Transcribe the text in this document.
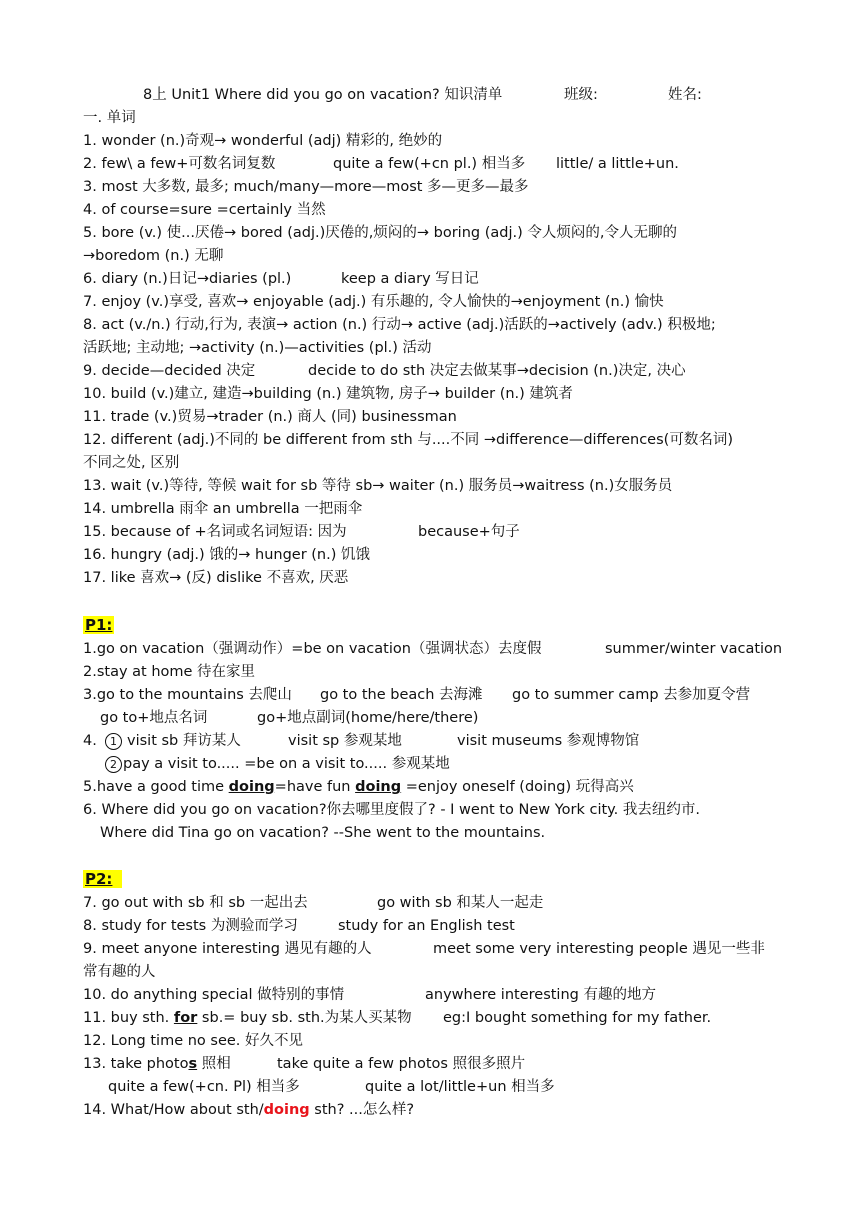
8上 Unit1 Where did you go on vacation? 知识清单	班级:	姓名:
一. 单词
1. wonder (n.)奇观→ wonderful (adj) 精彩的, 绝妙的
2. few\ a few+可数名词复数	quite a few(+cn pl.) 相当多 little/ a little+un.
3. most 大多数, 最多; much/many—more—most 多—更多—最多
4. of course=sure =certainly 当然
5. bore (v.) 使...厌倦→ bored (adj.)厌倦的,烦闷的→ boring (adj.) 令人烦闷的,令人无聊的
→boredom (n.) 无聊
6. diary (n.)日记→diaries (pl.)	keep a diary 写日记
7. enjoy (v.)享受, 喜欢→ enjoyable (adj.) 有乐趣的, 令人愉快的→enjoyment (n.) 愉快
8. act (v./n.) 行动,行为, 表演→ action (n.) 行动→ active (adj.)活跃的→actively (adv.) 积极地;
活跃地; 主动地; →activity (n.)—activities (pl.) 活动
9. decide—decided 决定	decide to do sth 决定去做某事→decision (n.)决定, 决心
10. build (v.)建立, 建造→building (n.) 建筑物, 房子→ builder (n.) 建筑者
11. trade (v.)贸易→trader (n.) 商人 (同) businessman
12. different (adj.)不同的 be different from sth 与....不同 →difference—differences(可数名词)
不同之处, 区别
13. wait (v.)等待, 等候 wait for sb 等待 sb→ waiter (n.) 服务员→waitress (n.)女服务员
14. umbrella 雨伞 an umbrella 一把雨伞
15. because of +名词或名词短语: 因为	because+句子
16. hungry (adj.) 饿的→ hunger (n.) 饥饿
17. like 喜欢→ (反) dislike 不喜欢, 厌恶
P1:
1.go on vacation（强调动作）=be on vacation（强调状态）去度假	summer/winter vacation
2.stay at home 待在家里
3.go to the mountains 去爬山 go to the beach 去海滩 go to summer camp 去参加夏令营
go to+地点名词	go+地点副词(home/here/there)
4.	1 visit sb 拜访某人	visit sp 参观某地	visit museums 参观博物馆
2 pay a visit to..... =be on a visit to..... 参观某地
5.have a good time doing=have fun doing =enjoy oneself (doing) 玩得高兴
6. Where did you go on vacation?你去哪里度假了? - I went to New York city. 我去纽约市.
Where did Tina go on vacation? --She went to the mountains.
P2:
7. go out with sb 和 sb 一起出去	go with sb 和某人一起走
8. study for tests 为测验而学习	study for an English test
9. meet anyone interesting 遇见有趣的人	meet some very interesting people 遇见一些非
常有趣的人
10. do anything special 做特别的事情	anywhere interesting 有趣的地方
11. buy sth. for sb.= buy sb. sth.为某人买某物 eg:I bought something for my father.
12. Long time no see. 好久不见
13. take photos 照相	take quite a few photos 照很多照片
quite a few(+cn. Pl) 相当多	quite a lot/little+un 相当多
14. What/How about sth/doing sth? ...怎么样?
